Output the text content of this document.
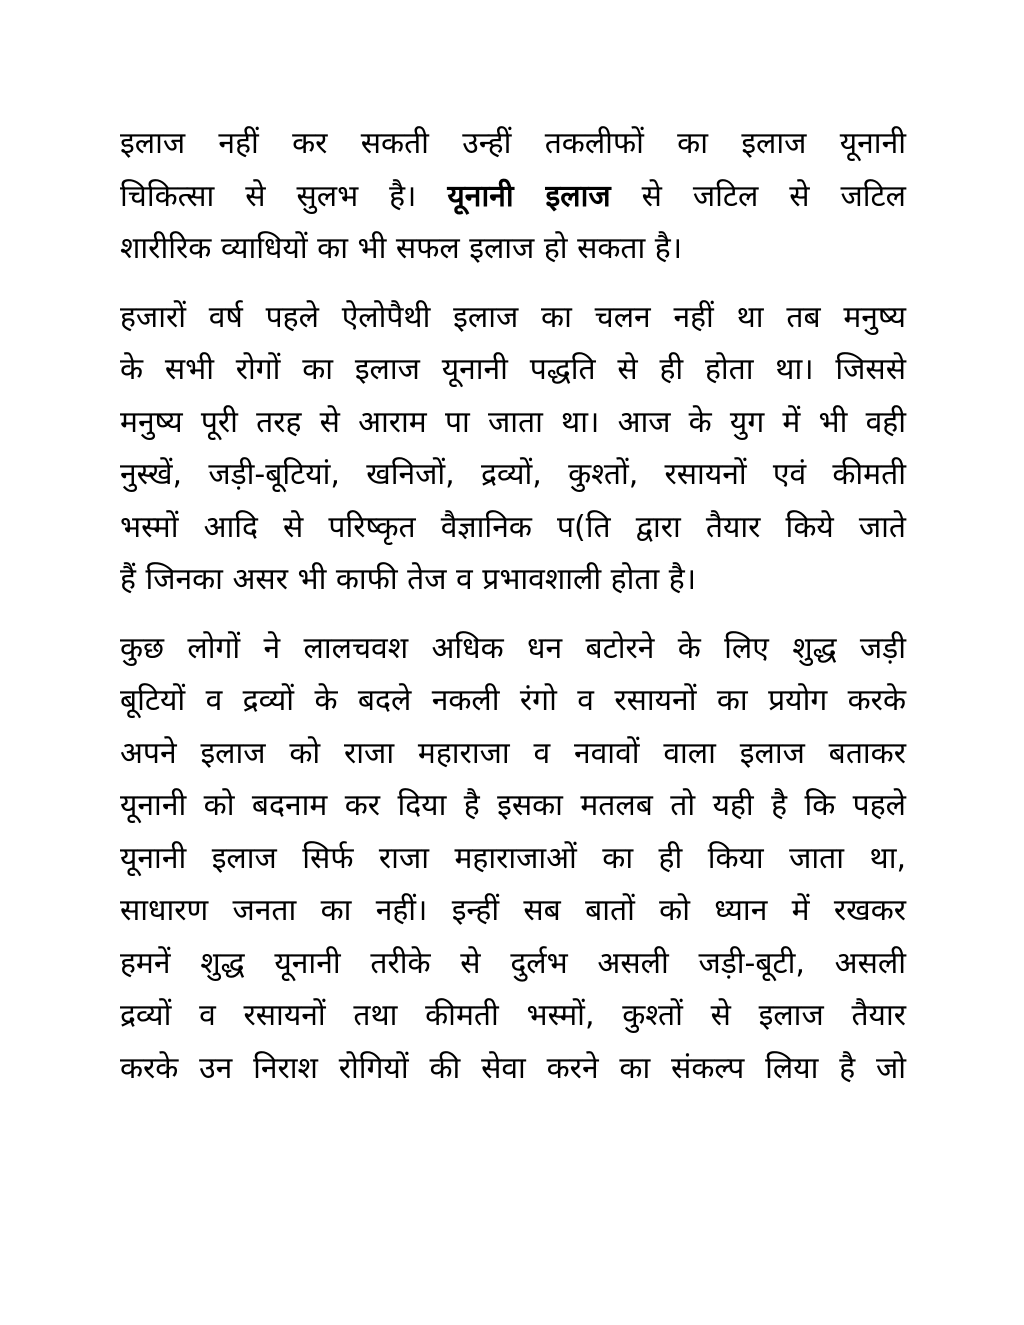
इलाज नहीं कर सकती उन्हीं तकलीफों का इलाज यूनानी
चिकित्सा से सुलभ है। यूनानी इलाज से जटिल से जटिल
शारीरिक व्याधियों का भी सफल इलाज हो सकता है।

हजारों वर्ष पहले ऐलोपैथी इलाज का चलन नहीं था तब मनुष्य
के सभी रोगों का इलाज यूनानी पद्धति से ही होता था। जिससे
मनुष्य पूरी तरह से आराम पा जाता था। आज के युग में भी वही
नुस्खें, जड़ी-बूटियां, खनिजों, द्रव्यों, कुश्तों, रसायनों एवं कीमती
भस्मों आदि से परिष्कृत वैज्ञानिक प(ति द्वारा तैयार किये जाते
हैं जिनका असर भी काफी तेज व प्रभावशाली होता है।

कुछ लोगों ने लालचवश अधिक धन बटोरने के लिए शुद्ध जड़ी
बूटियों व द्रव्यों के बदले नकली रंगो व रसायनों का प्रयोग करके
अपने इलाज को राजा महाराजा व नवावों वाला इलाज बताकर
यूनानी को बदनाम कर दिया है इसका मतलब तो यही है कि पहले
यूनानी इलाज सिर्फ राजा महाराजाओं का ही किया जाता था,
साधारण जनता का नहीं। इन्हीं सब बातों को ध्यान में रखकर
हमनें शुद्ध यूनानी तरीके से दुर्लभ असली जड़ी-बूटी, असली
द्रव्यों व रसायनों तथा कीमती भस्मों, कुश्तों से इलाज तैयार
करके उन निराश रोगियों की सेवा करने का संकल्प लिया है जो
